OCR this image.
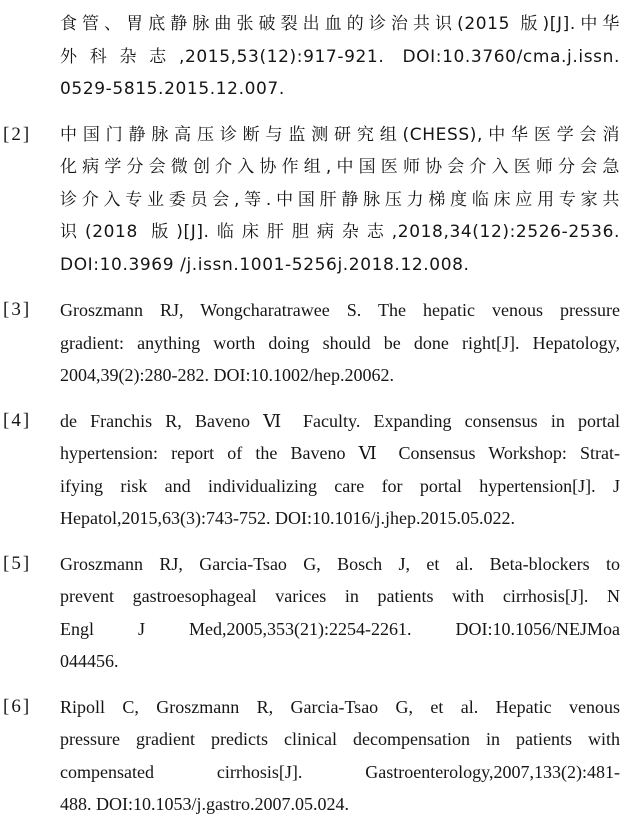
食管、胃底静脉曲张破裂出血的诊治共识(2015 版)[J].中华
外科杂志,2015,53(12):917-921. DOI:10.3760/cma.j.issn.
0529-5815.2015.12.007.
[2]	中国门静脉高压诊断与监测研究组(CHESS),中华医学会消
化病学分会微创介入协作组,中国医师协会介入医师分会急
诊介入专业委员会,等.中国肝静脉压力梯度临床应用专家共
识(2018 版)[J].临床肝胆病杂志,2018,34(12):2526-2536.
DOI:10.3969 /j.issn.1001-5256j.2018.12.008.
[3]	Groszmann RJ, Wongcharatrawee S. The hepatic venous pressure
gradient: anything worth doing should be done right[J]. Hepatology,
2004,39(2):280-282. DOI:10.1002/hep.20062.
[4]	de Franchis R, Baveno Ⅵ Faculty. Expanding consensus in portal
hypertension: report of the Baveno Ⅵ Consensus Workshop: Strat-
ifying risk and individualizing care for portal hypertension[J]. J
Hepatol,2015,63(3):743-752. DOI:10.1016/j.jhep.2015.05.022.
[5]	Groszmann RJ, Garcia-Tsao G, Bosch J, et al. Beta-blockers to
prevent gastroesophageal varices in patients with cirrhosis[J]. N
Engl J Med,2005,353(21):2254-2261. DOI:10.1056/NEJMoa
044456.
[6]	Ripoll C, Groszmann R, Garcia-Tsao G, et al. Hepatic venous
pressure gradient predicts clinical decompensation in patients with
compensated cirrhosis[J]. Gastroenterology,2007,133(2):481-
488. DOI:10.1053/j.gastro.2007.05.024.
